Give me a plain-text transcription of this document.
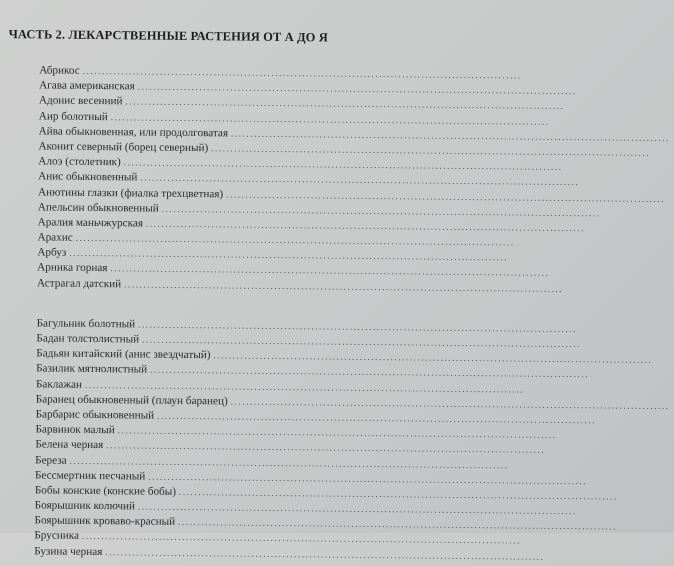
ЧАСТЬ 2. ЛЕКАРСТВЕННЫЕ РАСТЕНИЯ ОТ А ДО Я
Абрикос ..................................................................................................................
Агава американская ..................................................................................................................
Адонис весенний ..................................................................................................................
Аир болотный ..................................................................................................................
Айва обыкновенная, или продолговатая ..................................................................................................................
Аконит северный (борец северный) ..................................................................................................................
Алоэ (столетник) ..................................................................................................................
Анис обыкновенный ..................................................................................................................
Анютины глазки (фиалка трехцветная) ..................................................................................................................
Апельсин обыкновенный ..................................................................................................................
Аралия маньчжурская ..................................................................................................................
Арахис ..................................................................................................................
Арбуз ..................................................................................................................
Арника горная ..................................................................................................................
Астрагал датский ..................................................................................................................
Багульник болотный ..................................................................................................................
Бадан толстолистный ..................................................................................................................
Бадьян китайский (анис звездчатый) ..................................................................................................................
Базилик мятнолистный ..................................................................................................................
Баклажан ..................................................................................................................
Баранец обыкновенный (плаун баранец) ..................................................................................................................
Барбарис обыкновенный ..................................................................................................................
Барвинок малый ..................................................................................................................
Белена черная ..................................................................................................................
Береза ..................................................................................................................
Бессмертник песчаный ..................................................................................................................
Бобы конские (конские бобы) ..................................................................................................................
Боярышник колючий ..................................................................................................................
Боярышник кроваво-красный ..................................................................................................................
Брусника ..................................................................................................................
Бузина черная ..................................................................................................................
